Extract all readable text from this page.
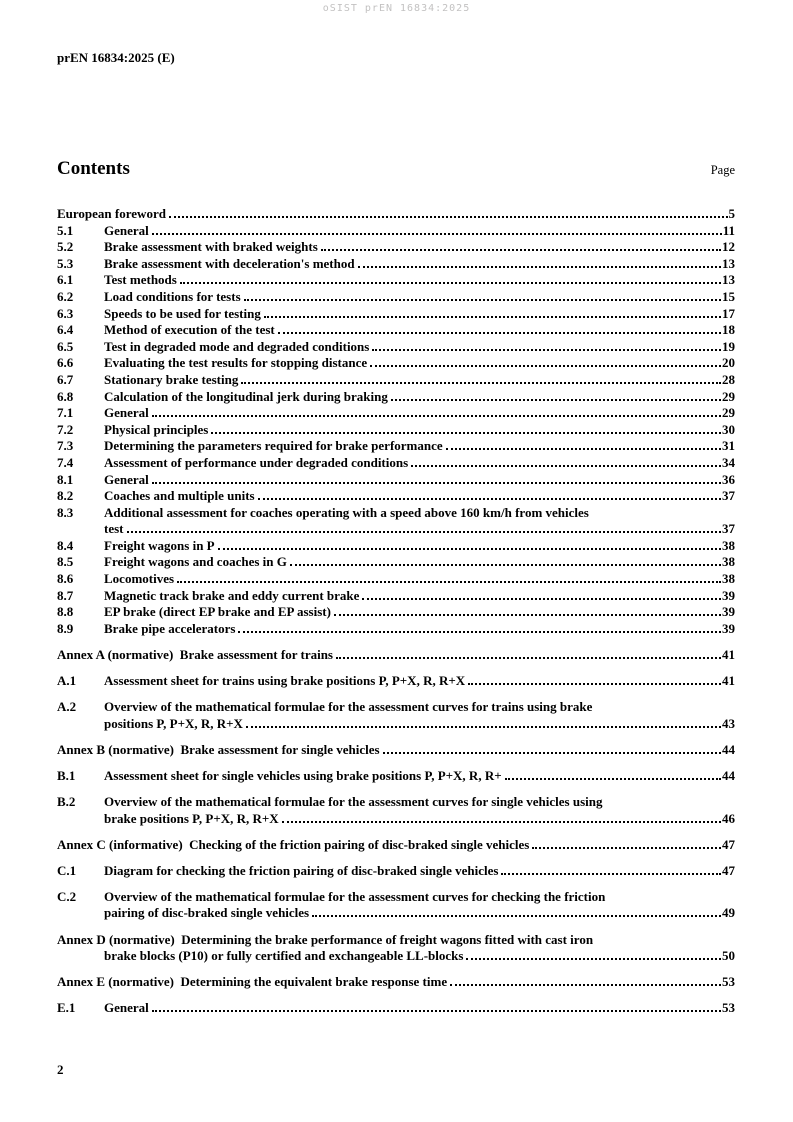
oSIST prEN 16834:2025
prEN 16834:2025 (E)
Contents	Page
European foreword	5
5.1	General	11
5.2	Brake assessment with braked weights	12
5.3	Brake assessment with deceleration's method	13
6.1	Test methods	13
6.2	Load conditions for tests	15
6.3	Speeds to be used for testing	17
6.4	Method of execution of the test	18
6.5	Test in degraded mode and degraded conditions	19
6.6	Evaluating the test results for stopping distance	20
6.7	Stationary brake testing	28
6.8	Calculation of the longitudinal jerk during braking	29
7.1	General	29
7.2	Physical principles	30
7.3	Determining the parameters required for brake performance	31
7.4	Assessment of performance under degraded conditions	34
8.1	General	36
8.2	Coaches and multiple units	37
8.3	Additional assessment for coaches operating with a speed above 160 km/h from vehicles
test	37
8.4	Freight wagons in P	38
8.5	Freight wagons and coaches in G	38
8.6	Locomotives	38
8.7	Magnetic track brake and eddy current brake	39
8.8	EP brake (direct EP brake and EP assist)	39
8.9	Brake pipe accelerators	39
Annex A (normative)  Brake assessment for trains	41
A.1	Assessment sheet for trains using brake positions P, P+X, R, R+X	41
A.2	Overview of the mathematical formulae for the assessment curves for trains using brake
positions P, P+X, R, R+X	43
Annex B (normative)  Brake assessment for single vehicles	44
B.1	Assessment sheet for single vehicles using brake positions P, P+X, R, R+	44
B.2	Overview of the mathematical formulae for the assessment curves for single vehicles using
brake positions P, P+X, R, R+X	46
Annex C (informative)  Checking of the friction pairing of disc-braked single vehicles	47
C.1	Diagram for checking the friction pairing of disc-braked single vehicles	47
C.2	Overview of the mathematical formulae for the assessment curves for checking the friction
pairing of disc-braked single vehicles	49
Annex D (normative)  Determining the brake performance of freight wagons fitted with cast iron
brake blocks (P10) or fully certified and exchangeable LL-blocks	50
Annex E (normative)  Determining the equivalent brake response time	53
E.1	General	53
2
